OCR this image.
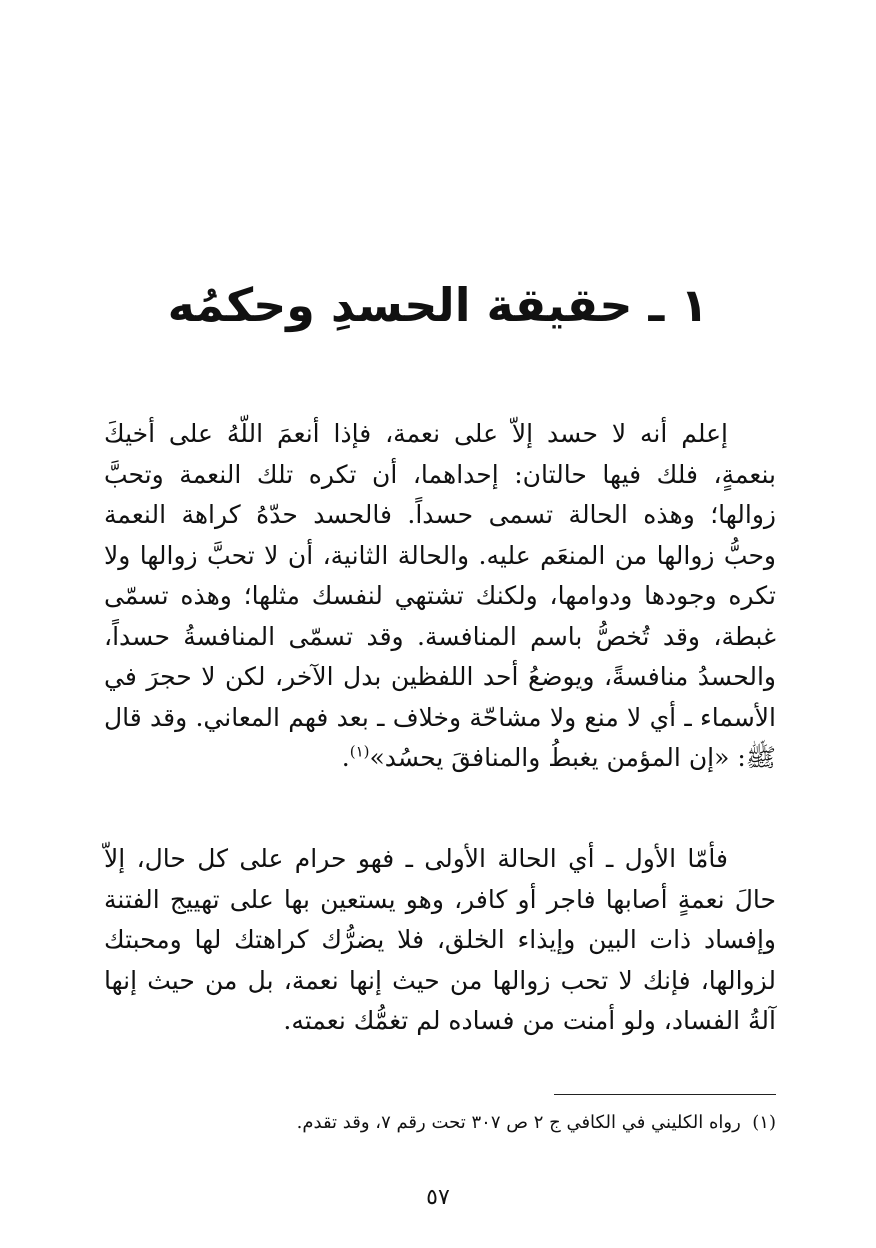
١ ـ حقيقة الحسدِ وحكمُه

إعلم أنه لا حسد إلاّ على نعمة، فإذا أنعمَ اللّهُ على أخيكَ بنعمةٍ، فلك فيها حالتان: إحداهما، أن تكره تلك النعمة وتحبَّ زوالها؛ وهذه الحالة تسمى حسداً. فالحسد حدّهُ كراهة النعمة وحبُّ زوالها من المنعَم عليه. والحالة الثانية، أن لا تحبَّ زوالها ولا تكره وجودها ودوامها، ولكنك تشتهي لنفسك مثلها؛ وهذه تسمّى غبطة، وقد تُخصُّ باسم المنافسة. وقد تسمّى المنافسةُ حسداً، والحسدُ منافسةً، ويوضعُ أحد اللفظين بدل الآخر، لكن لا حجرَ في الأسماء ـ أي لا منع ولا مشاحّة وخلاف ـ بعد فهم المعاني. وقد قال ﷺ: «إن المؤمن يغبطُ والمنافقَ يحسُد»$^{(١)}$.

فأمّا الأول ـ أي الحالة الأولى ـ فهو حرام على كل حال، إلاّ حالَ نعمةٍ أصابها فاجر أو كافر، وهو يستعين بها على تهييج الفتنة وإفساد ذات البين وإيذاء الخلق، فلا يضرُّك كراهتك لها ومحبتك لزوالها، فإنك لا تحب زوالها من حيث إنها نعمة، بل من حيث إنها آلةُ الفساد، ولو أمنت من فساده لم تغمُّك نعمته.

(١)  رواه الكليني في الكافي ج ٢ ص ٣٠٧ تحت رقم ٧، وقد تقدم.

٥٧
